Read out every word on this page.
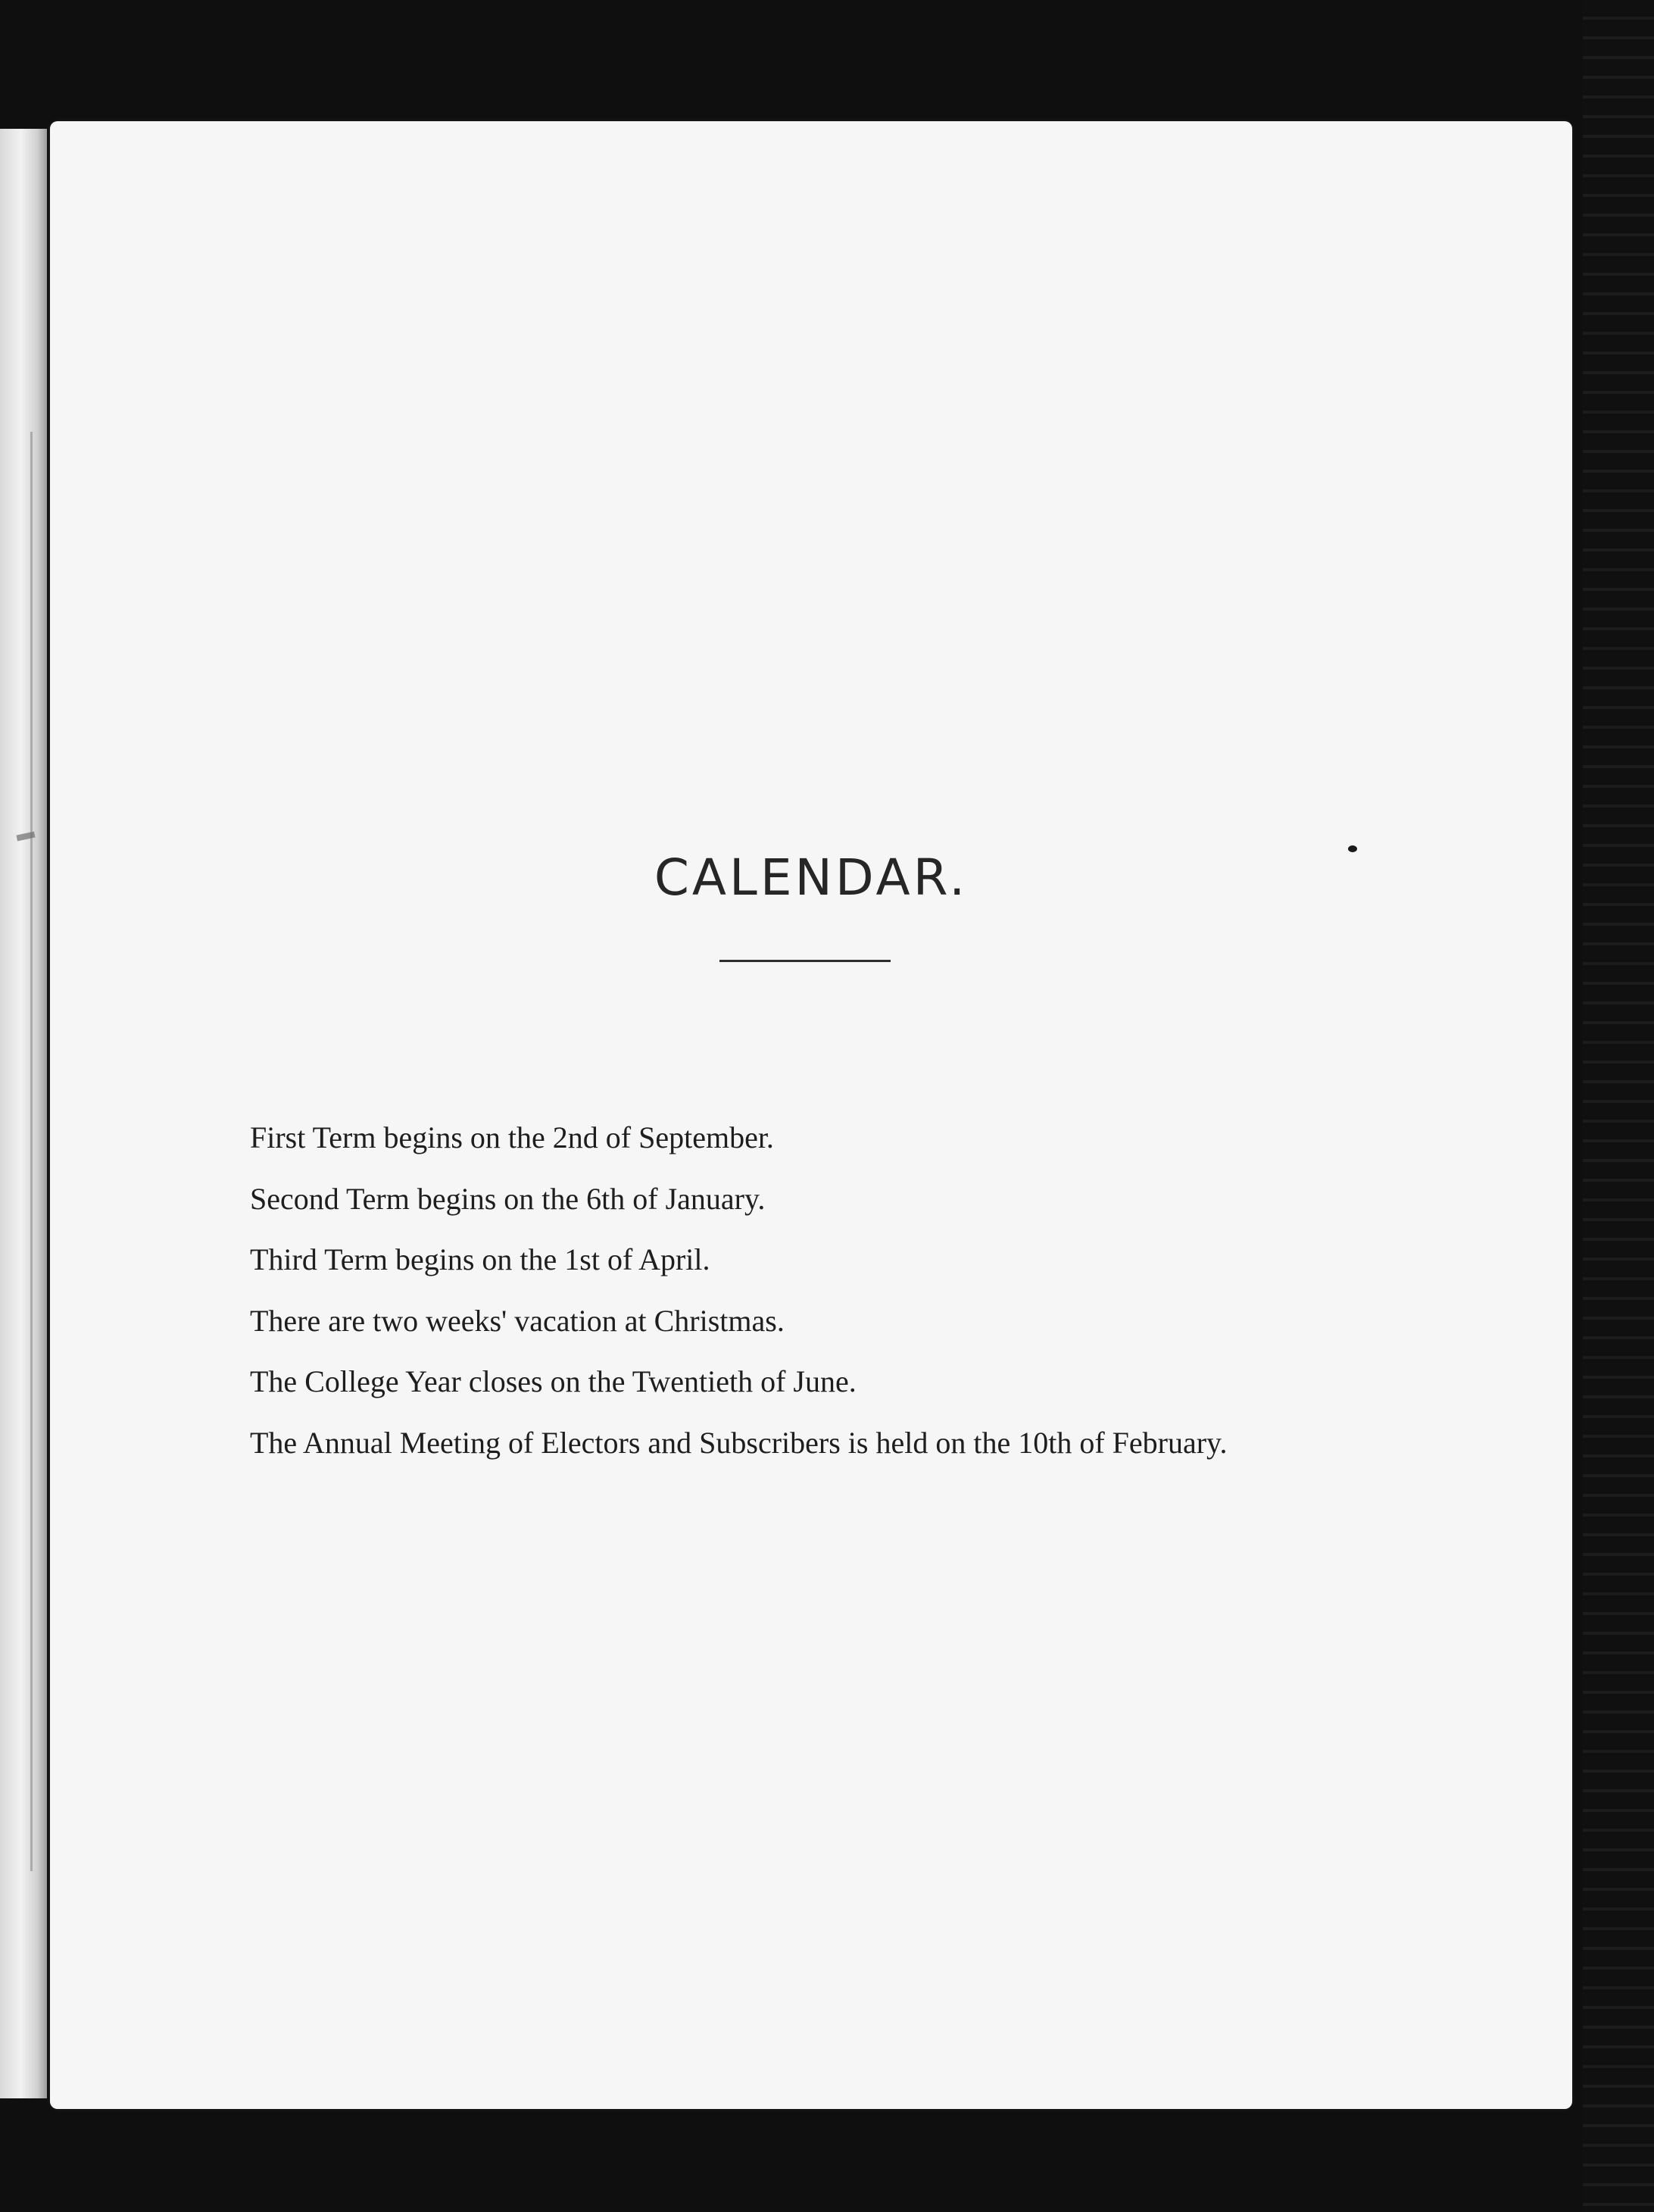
CALENDAR.
First Term begins on the 2nd of September.
Second Term begins on the 6th of January.
Third Term begins on the 1st of April.
There are two weeks' vacation at Christmas.
The College Year closes on the Twentieth of June.
The Annual Meeting of Electors and Subscribers is held on the 10th of February.
